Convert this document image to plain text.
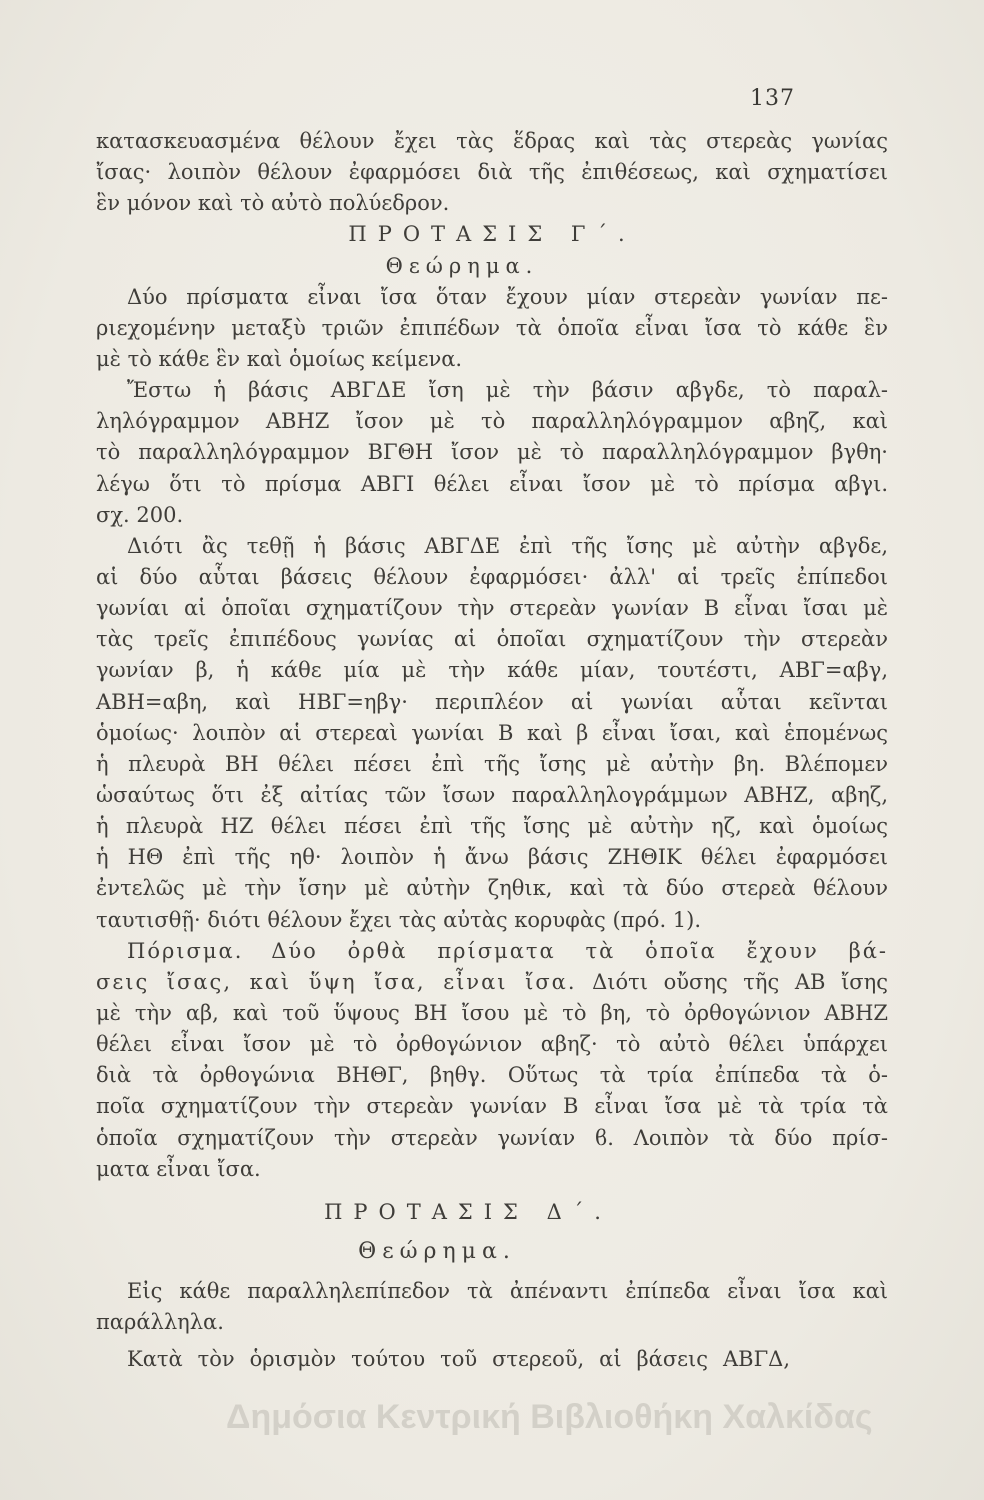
137
κατασκευασμένα θέλουν ἔχει τὰς ἕδρας καὶ τὰς στερεὰς γωνίας
ἴσας· λοιπὸν θέλουν ἐφαρμόσει διὰ τῆς ἐπιθέσεως, καὶ σχηματίσει
ἓν μόνον καὶ τὸ αὐτὸ πολύεδρον.
ΠΡΟΤΑΣΙΣ Γ΄.
Θεώρημα.
Δύο πρίσματα εἶναι ἴσα ὅταν ἔχουν μίαν στερεὰν γωνίαν πε-
ριεχομένην μεταξὺ τριῶν ἐπιπέδων τὰ ὁποῖα εἶναι ἴσα τὸ κάθε ἓν
μὲ τὸ κάθε ἓν καὶ ὁμοίως κείμενα.
Ἔστω ἡ βάσις ΑΒΓΔΕ ἴση μὲ τὴν βάσιν αβγδε, τὸ παραλ-
ληλόγραμμον ΑΒΗΖ ἴσον μὲ τὸ παραλληλόγραμμον αβηζ, καὶ
τὸ παραλληλόγραμμον ΒΓΘΗ ἴσον μὲ τὸ παραλληλόγραμμον βγθη·
λέγω ὅτι τὸ πρίσμα ΑΒΓΙ θέλει εἶναι ἴσον μὲ τὸ πρίσμα αβγι.
σχ. 200.
Διότι ἂς τεθῇ ἡ βάσις ΑΒΓΔΕ ἐπὶ τῆς ἴσης μὲ αὐτὴν αβγδε,
αἱ δύο αὗται βάσεις θέλουν ἐφαρμόσει· ἀλλ' αἱ τρεῖς ἐπίπεδοι
γωνίαι αἱ ὁποῖαι σχηματίζουν τὴν στερεὰν γωνίαν Β εἶναι ἴσαι μὲ
τὰς τρεῖς ἐπιπέδους γωνίας αἱ ὁποῖαι σχηματίζουν τὴν στερεὰν
γωνίαν β, ἡ κάθε μία μὲ τὴν κάθε μίαν, τουτέστι, ΑΒΓ=αβγ,
ΑΒΗ=αβη, καὶ ΗΒΓ=ηβγ· περιπλέον αἱ γωνίαι αὗται κεῖνται
ὁμοίως· λοιπὸν αἱ στερεαὶ γωνίαι Β καὶ β εἶναι ἴσαι, καὶ ἑπομένως
ἡ πλευρὰ ΒΗ θέλει πέσει ἐπὶ τῆς ἴσης μὲ αὐτὴν βη. Βλέπομεν
ὡσαύτως ὅτι ἐξ αἰτίας τῶν ἴσων παραλληλογράμμων ΑΒΗΖ, αβηζ,
ἡ πλευρὰ ΗΖ θέλει πέσει ἐπὶ τῆς ἴσης μὲ αὐτὴν ηζ, καὶ ὁμοίως
ἡ ΗΘ ἐπὶ τῆς ηθ· λοιπὸν ἡ ἄνω βάσις ΖΗΘΙΚ θέλει ἐφαρμόσει
ἐντελῶς μὲ τὴν ἴσην μὲ αὐτὴν ζηθικ, καὶ τὰ δύο στερεὰ θέλουν
ταυτισθῇ· διότι θέλουν ἔχει τὰς αὐτὰς κορυφὰς (πρό. 1).
Πόρισμα. Δύο ὀρθὰ πρίσματα τὰ ὁποῖα ἔχουν βά-
σεις ἴσας, καὶ ὕψη ἴσα, εἶναι ἴσα. Διότι οὔσης τῆς ΑΒ ἴσης
μὲ τὴν αβ, καὶ τοῦ ὕψους ΒΗ ἴσου μὲ τὸ βη, τὸ ὀρθογώνιον ΑΒΗΖ
θέλει εἶναι ἴσον μὲ τὸ ὀρθογώνιον αβηζ· τὸ αὐτὸ θέλει ὑπάρχει
διὰ τὰ ὀρθογώνια ΒΗΘΓ, βηθγ. Οὕτως τὰ τρία ἐπίπεδα τὰ ὁ-
ποῖα σχηματίζουν τὴν στερεὰν γωνίαν Β εἶναι ἴσα μὲ τὰ τρία τὰ
ὁποῖα σχηματίζουν τὴν στερεὰν γωνίαν ϐ. Λοιπὸν τὰ δύο πρίσ-
ματα εἶναι ἴσα.
ΠΡΟΤΑΣΙΣ Δ΄.
Θεώρημα.
Εἰς κάθε παραλληλεπίπεδον τὰ ἀπέναντι ἐπίπεδα εἶναι ἴσα καὶ
παράλληλα.
Κατὰ τὸν ὁρισμὸν τούτου τοῦ στερεοῦ, αἱ βάσεις ΑΒΓΔ,
Δημόσια Κεντρική Βιβλιοθήκη Χαλκίδας
